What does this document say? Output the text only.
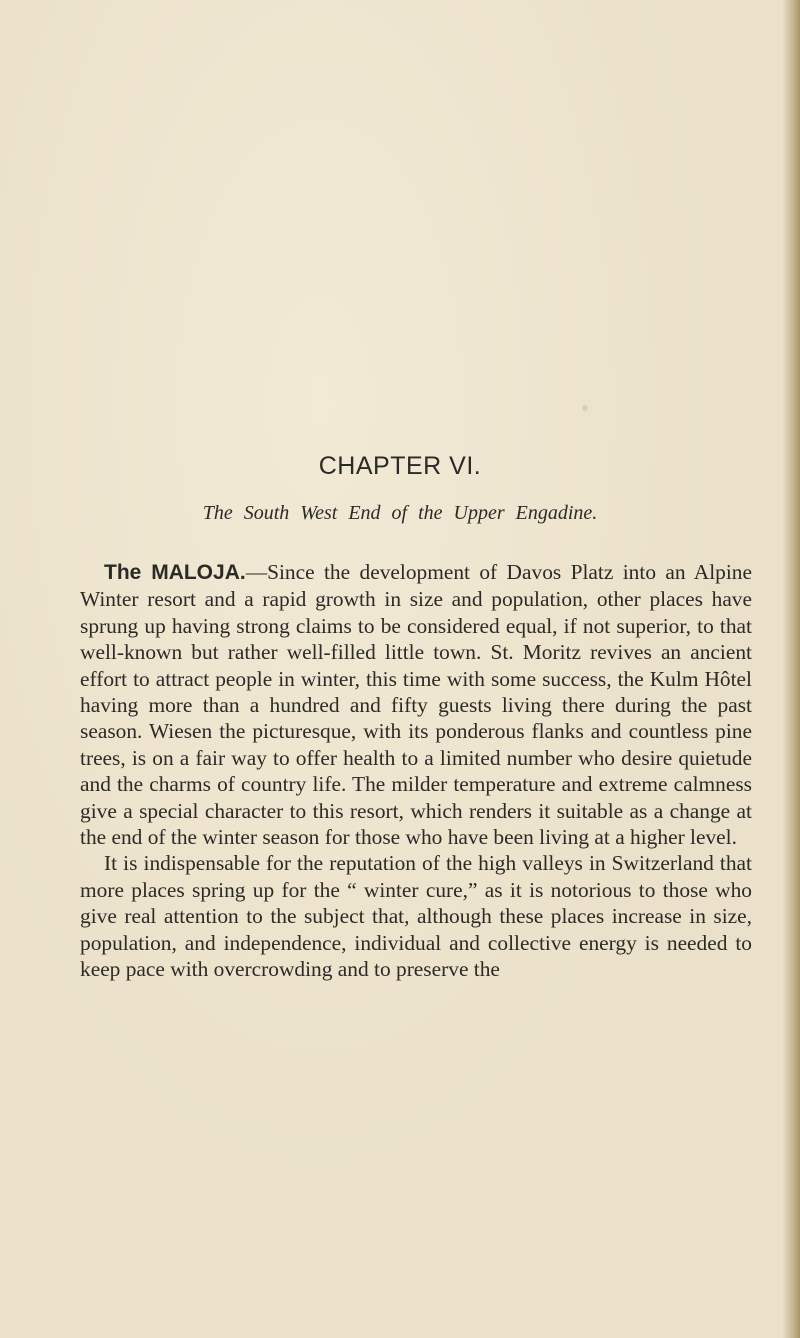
CHAPTER VI.
The South West End of the Upper Engadine.

The MALOJA.—Since the development of Davos Platz into an Alpine Winter resort and a rapid growth in size and population, other places have sprung up having strong claims to be considered equal, if not superior, to that well-known but rather well-filled little town. St. Moritz revives an ancient effort to attract people in winter, this time with some success, the Kulm Hôtel having more than a hundred and fifty guests living there during the past season. Wiesen the picturesque, with its ponderous flanks and countless pine trees, is on a fair way to offer health to a limited number who desire quietude and the charms of country life. The milder temperature and extreme calmness give a special character to this resort, which renders it suitable as a change at the end of the winter season for those who have been living at a higher level.

It is indispensable for the reputation of the high valleys in Switzerland that more places spring up for the “ winter cure,” as it is notorious to those who give real attention to the subject that, although these places increase in size, population, and independence, individual and collective energy is needed to keep pace with overcrowding and to preserve the
